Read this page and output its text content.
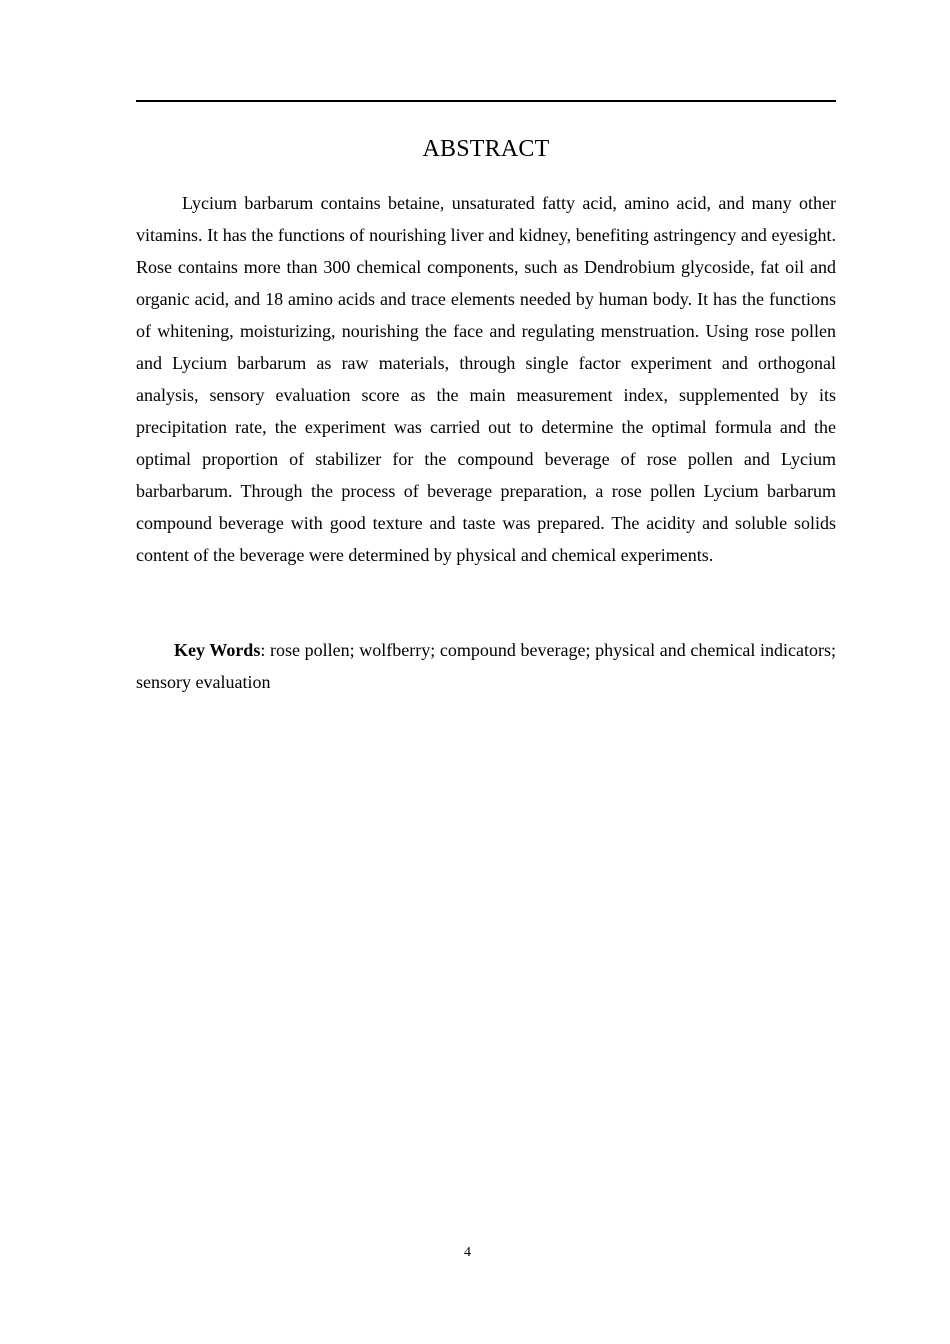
ABSTRACT

Lycium barbarum contains betaine, unsaturated fatty acid, amino acid, and many other vitamins. It has the functions of nourishing liver and kidney, benefiting astringency and eyesight. Rose contains more than 300 chemical components, such as Dendrobium glycoside, fat oil and organic acid, and 18 amino acids and trace elements needed by human body. It has the functions of whitening, moisturizing, nourishing the face and regulating menstruation. Using rose pollen and Lycium barbarum as raw materials, through single factor experiment and orthogonal analysis, sensory evaluation score as the main measurement index, supplemented by its precipitation rate, the experiment was carried out to determine the optimal formula and the optimal proportion of stabilizer for the compound beverage of rose pollen and Lycium barbarbarum. Through the process of beverage preparation, a rose pollen Lycium barbarum compound beverage with good texture and taste was prepared. The acidity and soluble solids content of the beverage were determined by physical and chemical experiments.

Key Words: rose pollen; wolfberry; compound beverage; physical and chemical indicators; sensory evaluation

4
